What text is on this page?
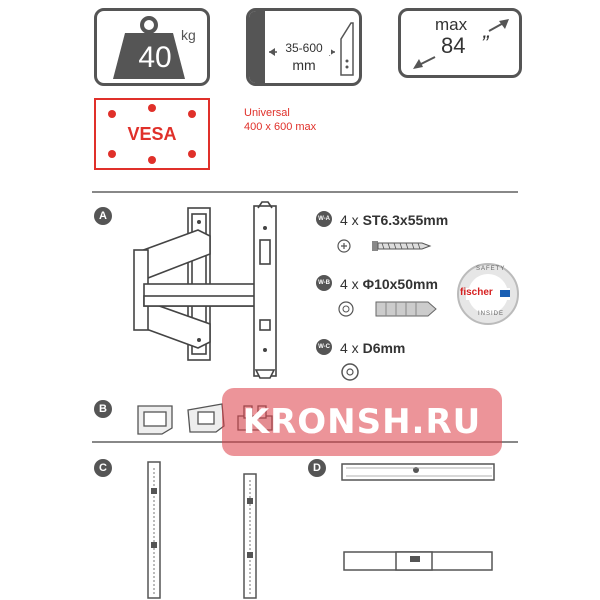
40
kg
35-600
mm
max
84 ”
VESA
Universal
400 x 600 max
A	W-A 4 x ST6.3x55mm
W-B 4 x Φ10x50mm
fischer
SAFETY
INSIDE
W-C 4 x D6mm
B
C	D
KRONSH.RU
